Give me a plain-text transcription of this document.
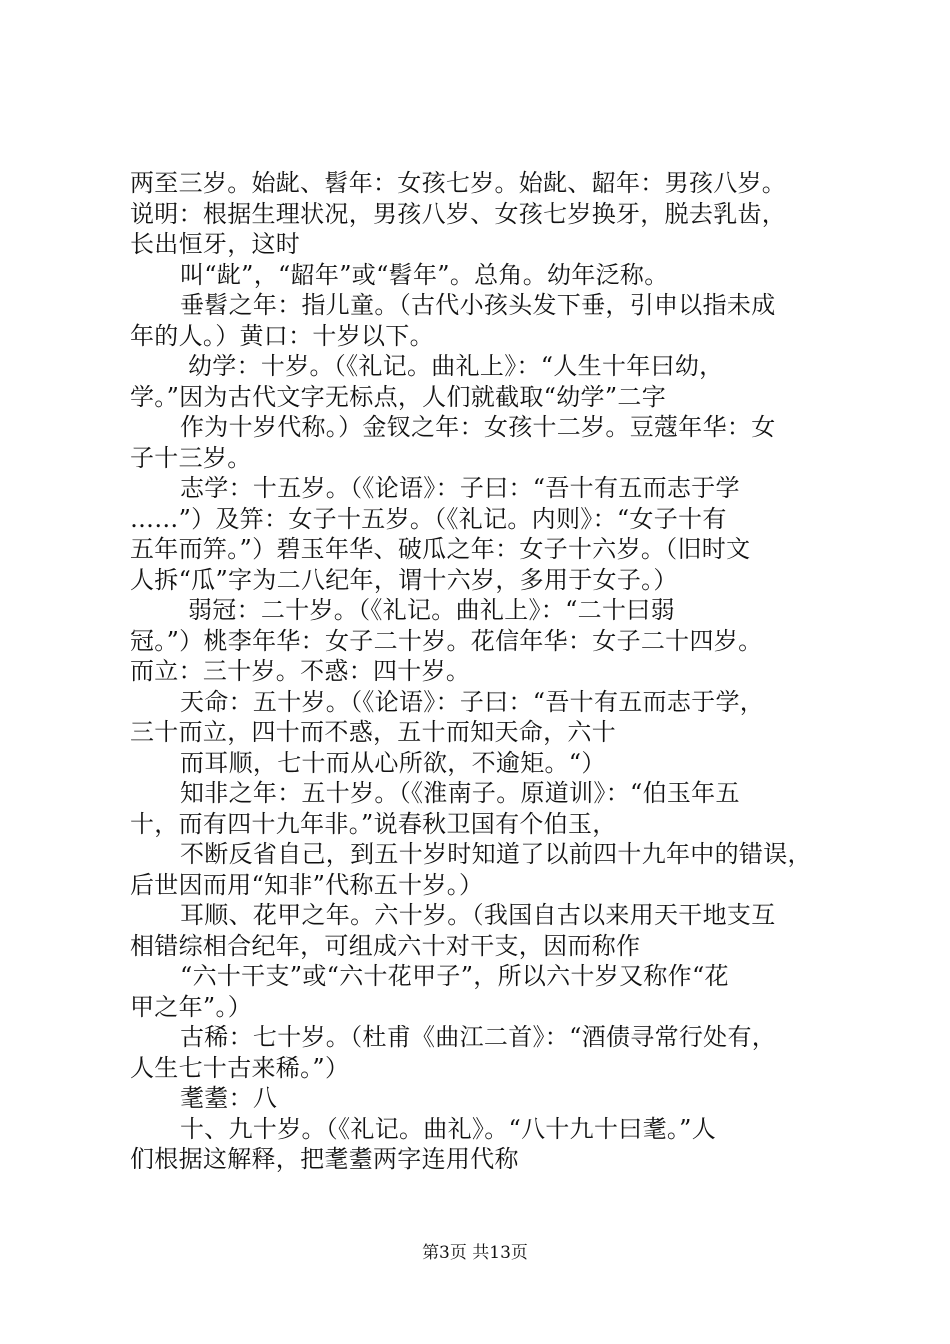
两至三岁。始龀、髫年：女孩七岁。始龀、龆年：男孩八岁。
说明：根据生理状况，男孩八岁、女孩七岁换牙，脱去乳齿，
长出恒牙，这时
叫“龀”，“龆年”或“髫年”。总角。幼年泛称。
垂髫之年：指儿童。（古代小孩头发下垂，引申以指未成
年的人。）黄口：十岁以下。
幼学：十岁。（《礼记。曲礼上》：“人生十年曰幼，
学。”因为古代文字无标点，人们就截取“幼学”二字
作为十岁代称。）金钗之年：女孩十二岁。豆蔻年华：女
子十三岁。
志学：十五岁。（《论语》：子曰：“吾十有五而志于学
……”）及笄：女子十五岁。（《礼记。内则》：“女子十有
五年而笄。”）碧玉年华、破瓜之年：女子十六岁。（旧时文
人拆“瓜”字为二八纪年，谓十六岁，多用于女子。）
弱冠：二十岁。（《礼记。曲礼上》：“二十曰弱
冠。”）桃李年华：女子二十岁。花信年华：女子二十四岁。
而立：三十岁。不惑：四十岁。
天命：五十岁。（《论语》：子曰：“吾十有五而志于学，
三十而立，四十而不惑，五十而知天命，六十
而耳顺，七十而从心所欲，不逾矩。“）
知非之年：五十岁。（《淮南子。原道训》：“伯玉年五
十，而有四十九年非。”说春秋卫国有个伯玉，
不断反省自己，到五十岁时知道了以前四十九年中的错误，
后世因而用“知非”代称五十岁。）
耳顺、花甲之年。六十岁。（我国自古以来用天干地支互
相错综相合纪年，可组成六十对干支，因而称作
“六十干支”或“六十花甲子”，所以六十岁又称作“花
甲之年”。）
古稀：七十岁。（杜甫《曲江二首》：“酒债寻常行处有，
人生七十古来稀。”）
耄耋：八
十、九十岁。（《礼记。曲礼》。“八十九十曰耄。”人
们根据这解释，把耄耋两字连用代称
第3页 共13页
